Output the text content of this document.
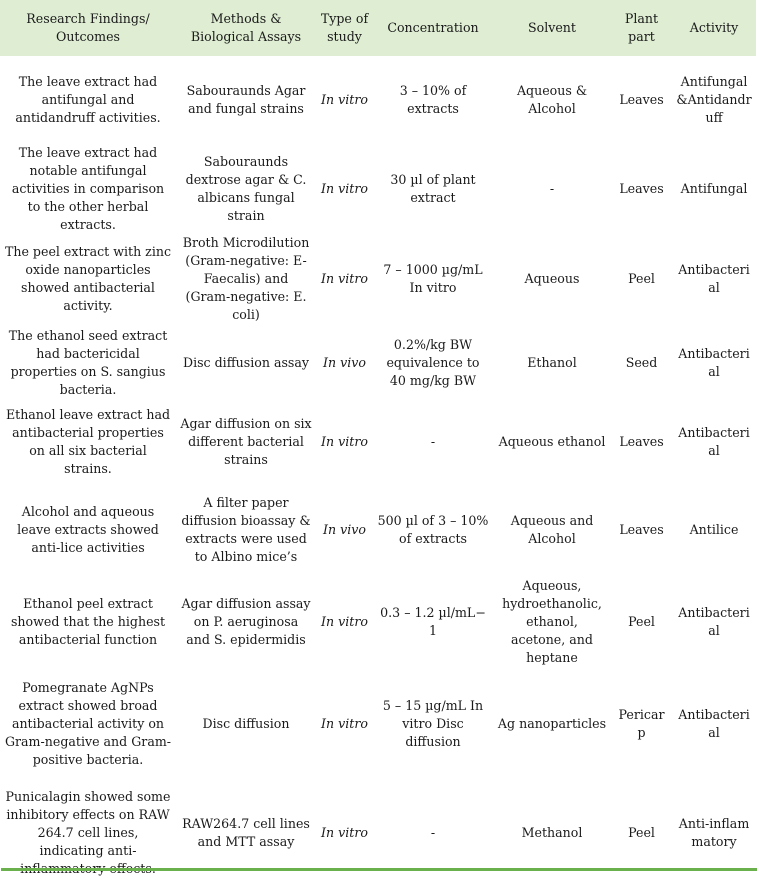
Research Findings/ Outcomes	Methods & Biological Assays	Type of study	Concentration	Solvent	Plant part	Activity
The leave extract had antifungal and antidandruff activities.	Sabourаunds Agar and fungal strains	In vitro	3 – 10% of extracts	Aqueous & Alcohol	Leaves	Antifungal &Antidandruff
The leave extract had notable antifungal activities in comparison to the other herbal extracts.	Sabourаunds dextrose agar & C. albicans fungal strain	In vitro	30 µl of plant extract	-	Leaves	Antifungal
The peel extract with zinc oxide nanoparticles showed antibacterial activity.	Broth Microdilution (Gram-negative: E-Faecalis) and (Gram-negative: E. coli)	In vitro	7 – 1000 µg/mL In vitro	Aqueous	Peel	Antibacterial
The ethanol seed extract had bactericidal properties on S. sangius bacteria.	Disc diffusion assay	In vivo	0.2%/kg BW equivalence to 40 mg/kg BW	Ethanol	Seed	Antibacterial
Ethanol leave extract had antibacterial properties on all six bacterial strains.	Agar diffusion on six different bacterial strains	In vitro	-	Aqueous ethanol	Leaves	Antibacterial
Alcohol and aqueous leave extracts showed anti-lice activities	A filter paper diffusion bioassay & extracts were used to Albino mice’s	In vivo	500 µl of 3 – 10% of extracts	Aqueous and Alcohol	Leaves	Antilice
Ethanol peel extract showed that the highest antibacterial function	Agar diffusion assay on P. aeruginosa and S. epidermidis	In vitro	0.3 – 1.2 µl/mL− 1	Aqueous, hydroethanolic, ethanol, acetone, and heptane	Peel	Antibacterial
Pomegranate AgNPs extract showed broad antibacterial activity on Gram-negative and Gram-positive bacteria.	Disc diffusion	In vitro	5 – 15 µg/mL In vitro Disc diffusion	Ag nanoparticles	Pericarp	Antibacterial
Punicalagin showed some inhibitory effects on RAW 264.7 cell lines, indicating anti-	RAW264.7 cell lines and MTT assay	In vitro	-	Methanol	Peel	Anti-inflammatory
